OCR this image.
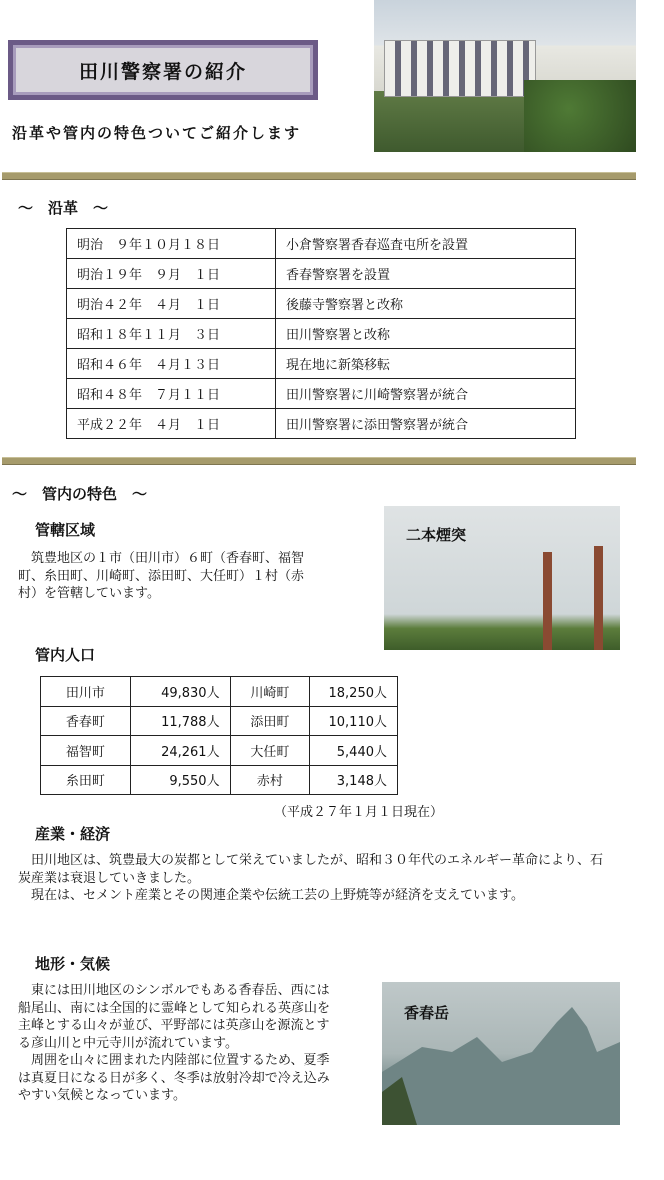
田川警察署の紹介
沿革や管内の特色ついてご紹介します
～　沿革　～
明治　９年１０月１８日	小倉警察署香春巡査屯所を設置
明治１９年　９月　１日	香春警察署を設置
明治４２年　４月　１日	後藤寺警察署と改称
昭和１８年１１月　３日	田川警察署と改称
昭和４６年　４月１３日	現在地に新築移転
昭和４８年　７月１１日	田川警察署に川崎警察署が統合
平成２２年　４月　１日	田川警察署に添田警察署が統合
～　管内の特色　～
管轄区域
　筑豊地区の１市（田川市）６町（香春町、福智町、糸田町、川崎町、添田町、大任町）１村（赤村）を管轄しています。
二本煙突
管内人口
田川市	49,830人	川崎町	18,250人
香春町	11,788人	添田町	10,110人
福智町	24,261人	大任町	5,440人
糸田町	9,550人	赤村	3,148人
（平成２７年１月１日現在）
産業・経済
　田川地区は、筑豊最大の炭都として栄えていましたが、昭和３０年代のエネルギー革命により、石炭産業は衰退していきました。
　現在は、セメント産業とその関連企業や伝統工芸の上野焼等が経済を支えています。
地形・気候
　東には田川地区のシンボルでもある香春岳、西には船尾山、南には全国的に霊峰として知られる英彦山を主峰とする山々が並び、平野部には英彦山を源流とする彦山川と中元寺川が流れています。
　周囲を山々に囲まれた内陸部に位置するため、夏季は真夏日になる日が多く、冬季は放射冷却で冷え込みやすい気候となっています。
香春岳
